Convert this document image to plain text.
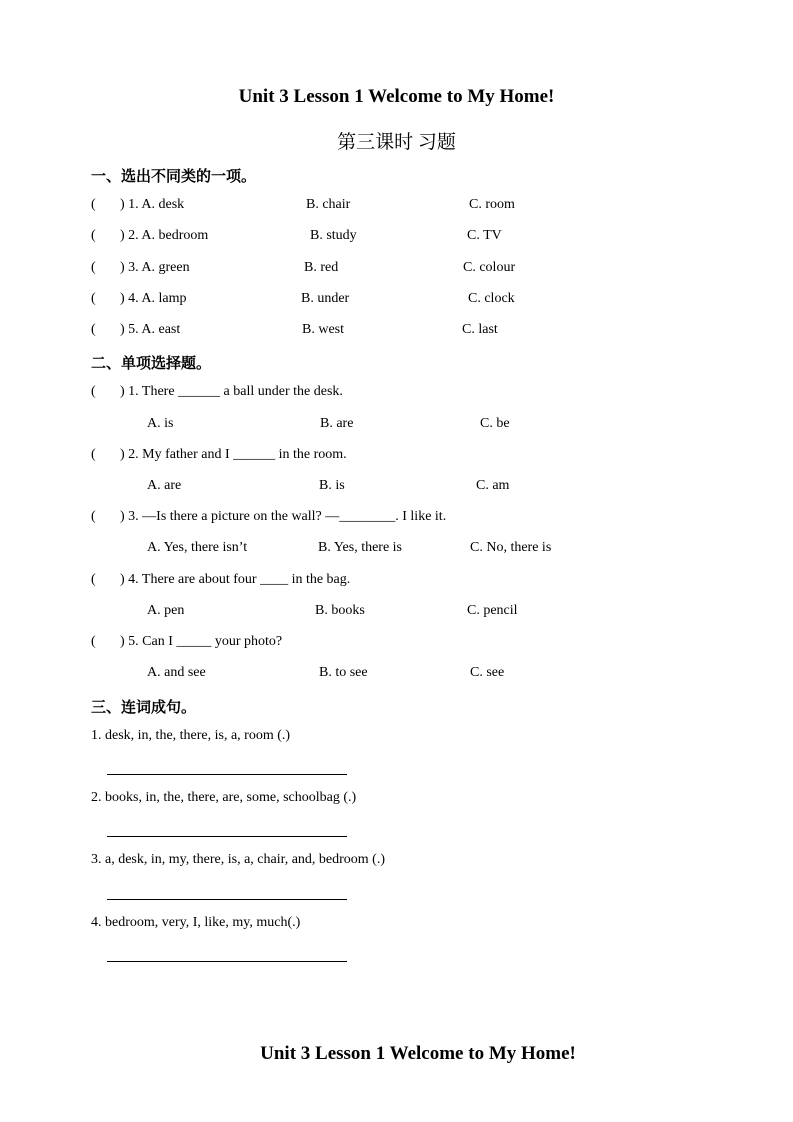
Unit 3 Lesson 1 Welcome to My Home!
第三课时 习题
一、选出不同类的一项。
( ) 1. A. desk	B. chair	C. room
( ) 2. A. bedroom	B. study	C. TV
( ) 3. A. green	B. red	C. colour
( ) 4. A. lamp	B. under	C. clock
( ) 5. A. east	B. west	C. last
二、单项选择题。
( ) 1. There ______ a ball under the desk.
A. is	B. are	C. be
( ) 2. My father and I ______ in the room.
A. are	B. is	C. am
( ) 3. —Is there a picture on the wall? —________. I like it.
A. Yes, there isn’t	B. Yes, there is	C. No, there is
( ) 4. There are about four ____ in the bag.
A. pen	B. books	C. pencil
( ) 5. Can I _____ your photo?
A. and see	B. to see	C. see
三、连词成句。
1. desk, in, the, there, is, a, room (.)
2. books, in, the, there, are, some, schoolbag (.)
3. a, desk, in, my, there, is, a, chair, and, bedroom (.)
4. bedroom, very, I, like, my, much(.)
Unit 3 Lesson 1 Welcome to My Home!
